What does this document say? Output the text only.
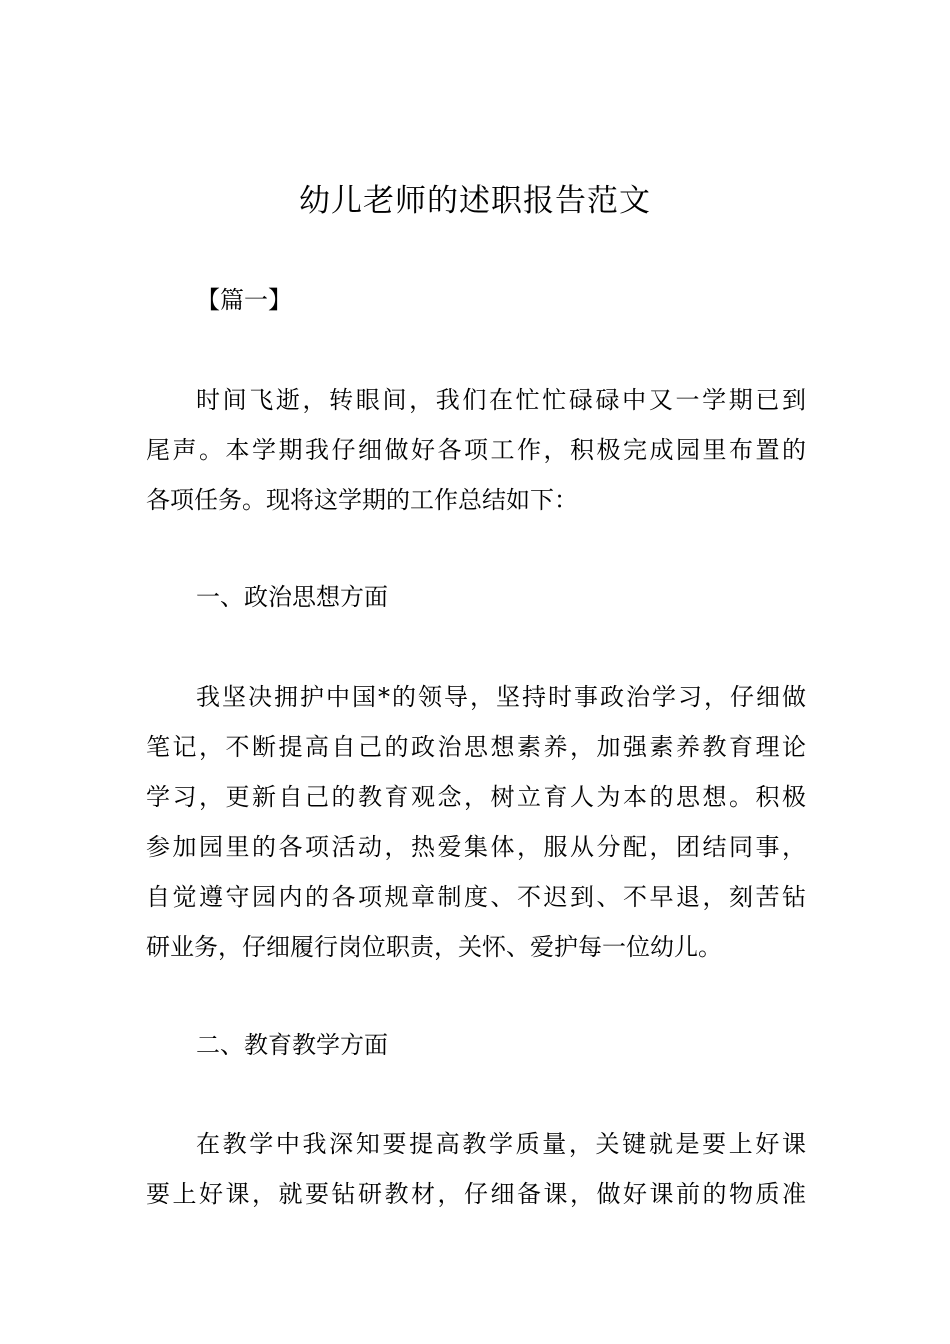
幼儿老师的述职报告范文

【篇一】

时间飞逝，转眼间，我们在忙忙碌碌中又一学期已到
尾声。本学期我仔细做好各项工作，积极完成园里布置的
各项任务。现将这学期的工作总结如下：

一、政治思想方面

我坚决拥护中国*的领导，坚持时事政治学习，仔细做
笔记，不断提高自己的政治思想素养，加强素养教育理论
学习，更新自己的教育观念，树立育人为本的思想。积极
参加园里的各项活动，热爱集体，服从分配，团结同事，
自觉遵守园内的各项规章制度、不迟到、不早退，刻苦钻
研业务，仔细履行岗位职责，关怀、爱护每一位幼儿。

二、教育教学方面

在教学中我深知要提高教学质量，关键就是要上好课
要上好课，就要钻研教材，仔细备课，做好课前的物质准
